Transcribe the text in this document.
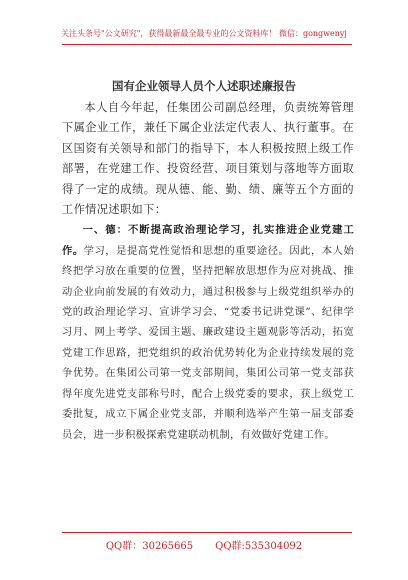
关注头条号"公文研究"，获得最新最全最专业的公文资料库！ 微信：gongwenyj
国有企业领导人员个人述职述廉报告

本人自今年起，任集团公司副总经理，负责统筹管理下属企业工作，兼任下属企业法定代表人、执行董事。在区国资有关领导和部门的指导下，本人积极按照上级工作部署，在党建工作、投资经营、项目策划与落地等方面取得了一定的成绩。现从德、能、勤、绩、廉等五个方面的工作情况述职如下：

一、德：不断提高政治理论学习，扎实推进企业党建工作。学习，是提高党性觉悟和思想的重要途径。因此，本人始终把学习放在重要的位置，坚持把解放思想作为应对挑战、推动企业向前发展的有效动力，通过积极参与上级党组织举办的党的政治理论学习、宣讲学习会、“党委书记讲党课”、纪律学习月、网上考学、爱国主题、廉政建设主题观影等活动，拓宽党建工作思路，把党组织的政治优势转化为企业持续发展的竞争优势。在集团公司第一党支部期间，集团公司第一党支部获得年度先进党支部称号时，配合上级党委的要求，获上级党工委批复，成立下属企业党支部，并顺利选举产生第一届支部委员会，进一步积极探索党建联动机制，有效做好党建工作。

QQ群：30265665 QQ群:535304092
